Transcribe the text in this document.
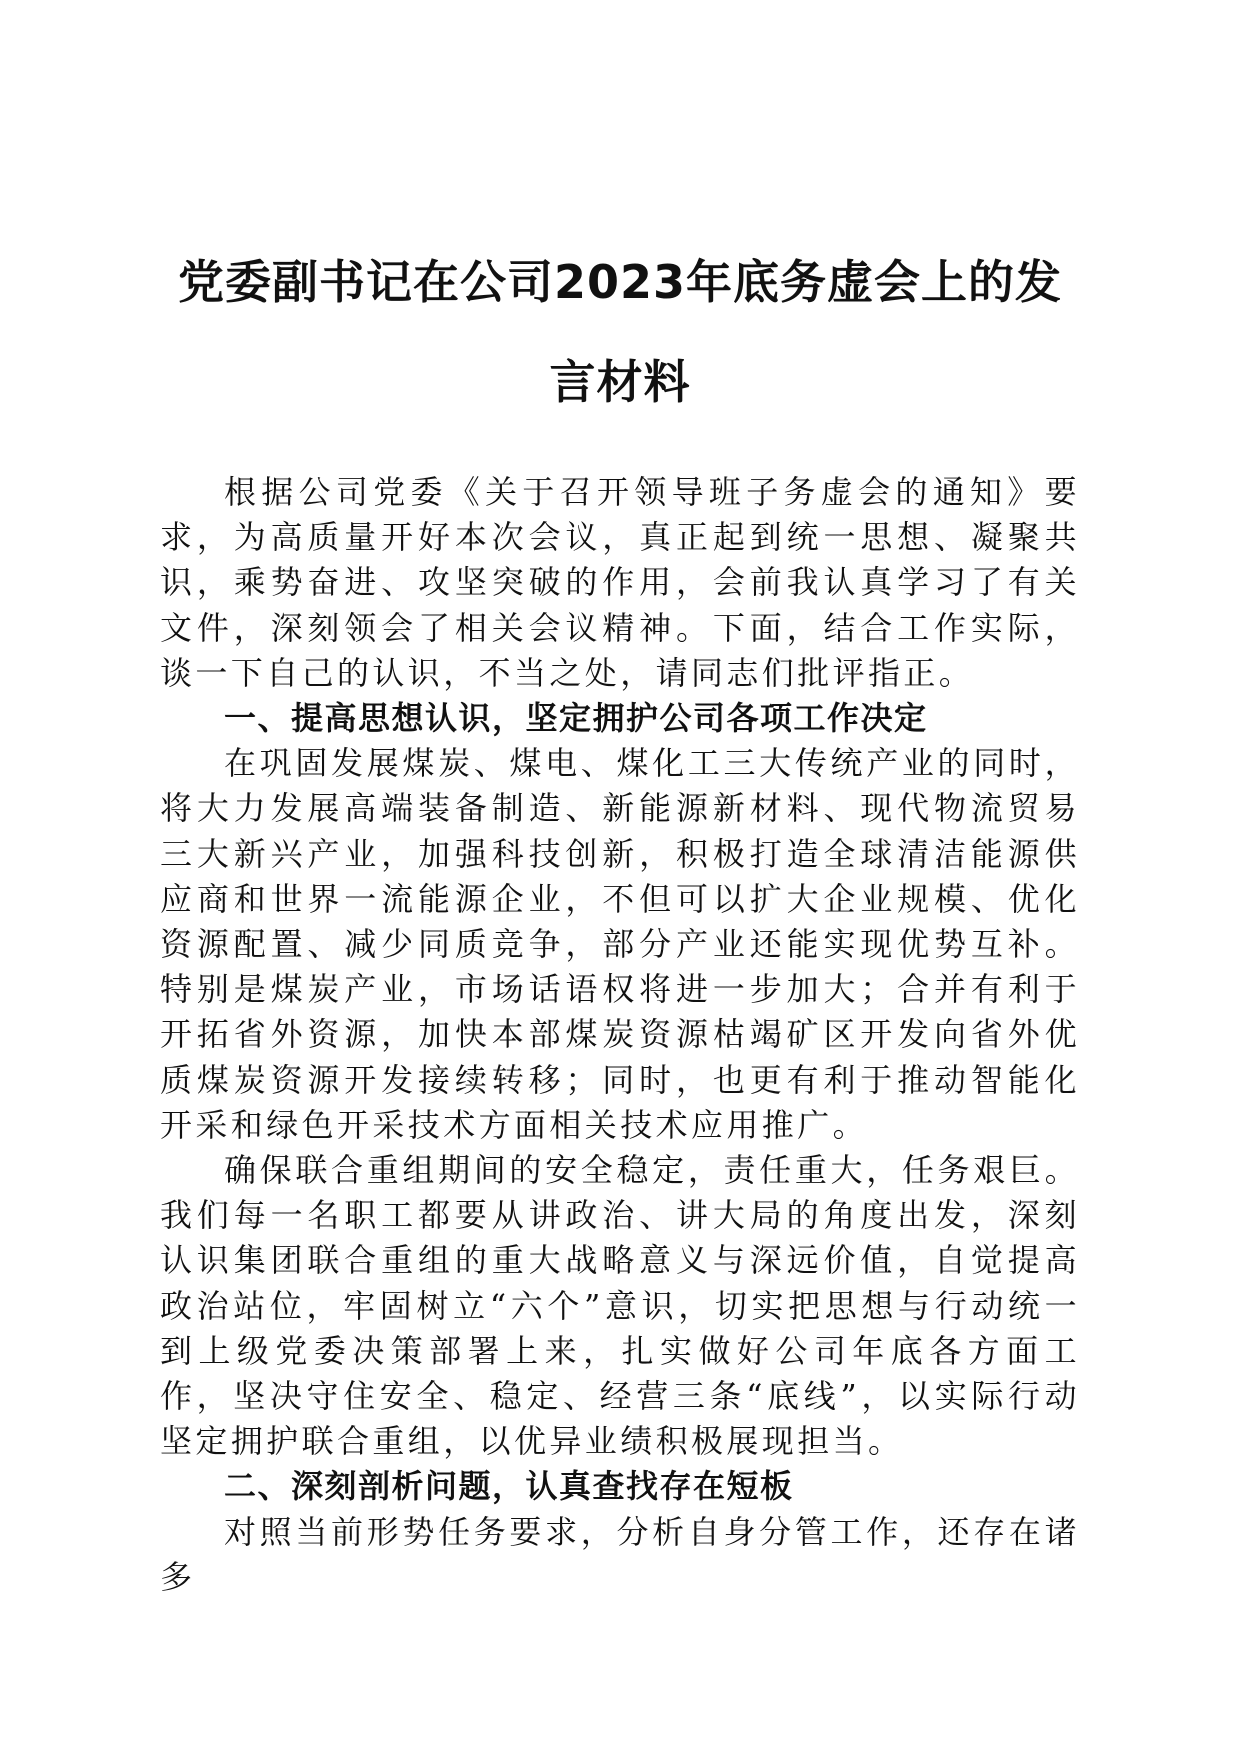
党委副书记在公司2023年底务虚会上的发言材料

根据公司党委《关于召开领导班子务虚会的通知》要求，为高质量开好本次会议，真正起到统一思想、凝聚共识，乘势奋进、攻坚突破的作用，会前我认真学习了有关文件，深刻领会了相关会议精神。下面，结合工作实际，谈一下自己的认识，不当之处，请同志们批评指正。

一、提高思想认识，坚定拥护公司各项工作决定

在巩固发展煤炭、煤电、煤化工三大传统产业的同时，将大力发展高端装备制造、新能源新材料、现代物流贸易三大新兴产业，加强科技创新，积极打造全球清洁能源供应商和世界一流能源企业，不但可以扩大企业规模、优化资源配置、减少同质竞争，部分产业还能实现优势互补。特别是煤炭产业，市场话语权将进一步加大；合并有利于开拓省外资源，加快本部煤炭资源枯竭矿区开发向省外优质煤炭资源开发接续转移；同时，也更有利于推动智能化开采和绿色开采技术方面相关技术应用推广。

确保联合重组期间的安全稳定，责任重大，任务艰巨。我们每一名职工都要从讲政治、讲大局的角度出发，深刻认识集团联合重组的重大战略意义与深远价值，自觉提高政治站位，牢固树立“六个”意识，切实把思想与行动统一到上级党委决策部署上来，扎实做好公司年底各方面工作，坚决守住安全、稳定、经营三条“底线”，以实际行动坚定拥护联合重组，以优异业绩积极展现担当。

二、深刻剖析问题，认真查找存在短板

对照当前形势任务要求，分析自身分管工作，还存在诸多
